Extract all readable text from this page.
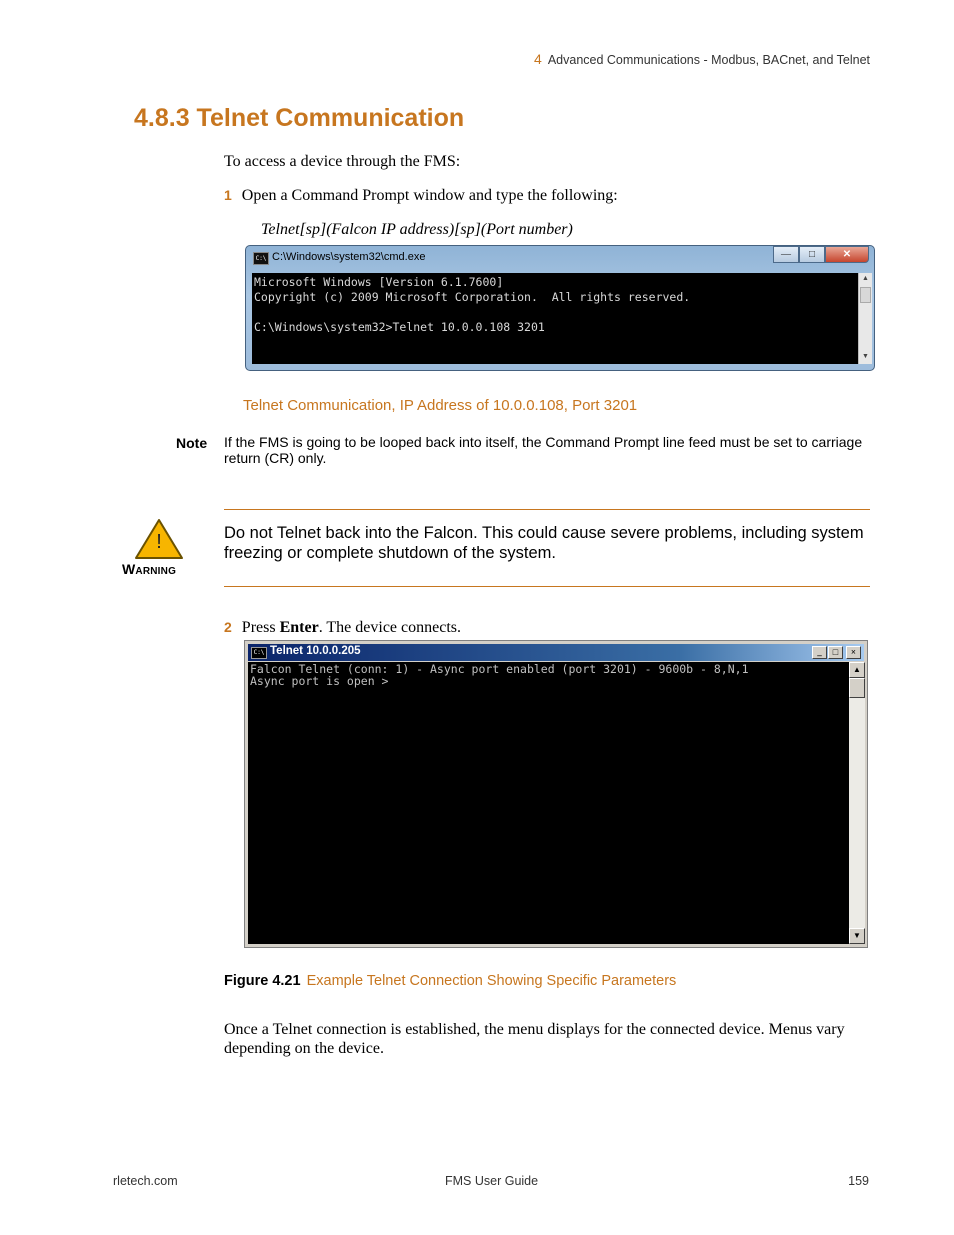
4 Advanced Communications - Modbus, BACnet, and Telnet
4.8.3 Telnet Communication
To access a device through the FMS:
1 Open a Command Prompt window and type the following:
Telnet[sp](Falcon IP address)[sp](Port number)
C:\ C:\Windows\system32\cmd.exe	—	□	✕
Microsoft Windows [Version 6.1.7600]
Copyright (c) 2009 Microsoft Corporation.  All rights reserved.

C:\Windows\system32>Telnet 10.0.0.108 3201
▲
▼
Telnet Communication, IP Address of 10.0.0.108, Port 3201
Note If the FMS is going to be looped back into itself, the Command Prompt line feed must be set to carriage return (CR) only.
!
Warning
Do not Telnet back into the Falcon. This could cause severe problems, including system freezing or complete shutdown of the system.
2 Press Enter. The device connects.
C:\ Telnet 10.0.0.205	_	□	×
Falcon Telnet (conn: 1) - Async port enabled (port 3201) - 9600b - 8,N,1
Async port is open >
▲
▼
Figure 4.21 Example Telnet Connection Showing Specific Parameters
Once a Telnet connection is established, the menu displays for the connected device. Menus vary depending on the device.
rletech.com	FMS User Guide	159
